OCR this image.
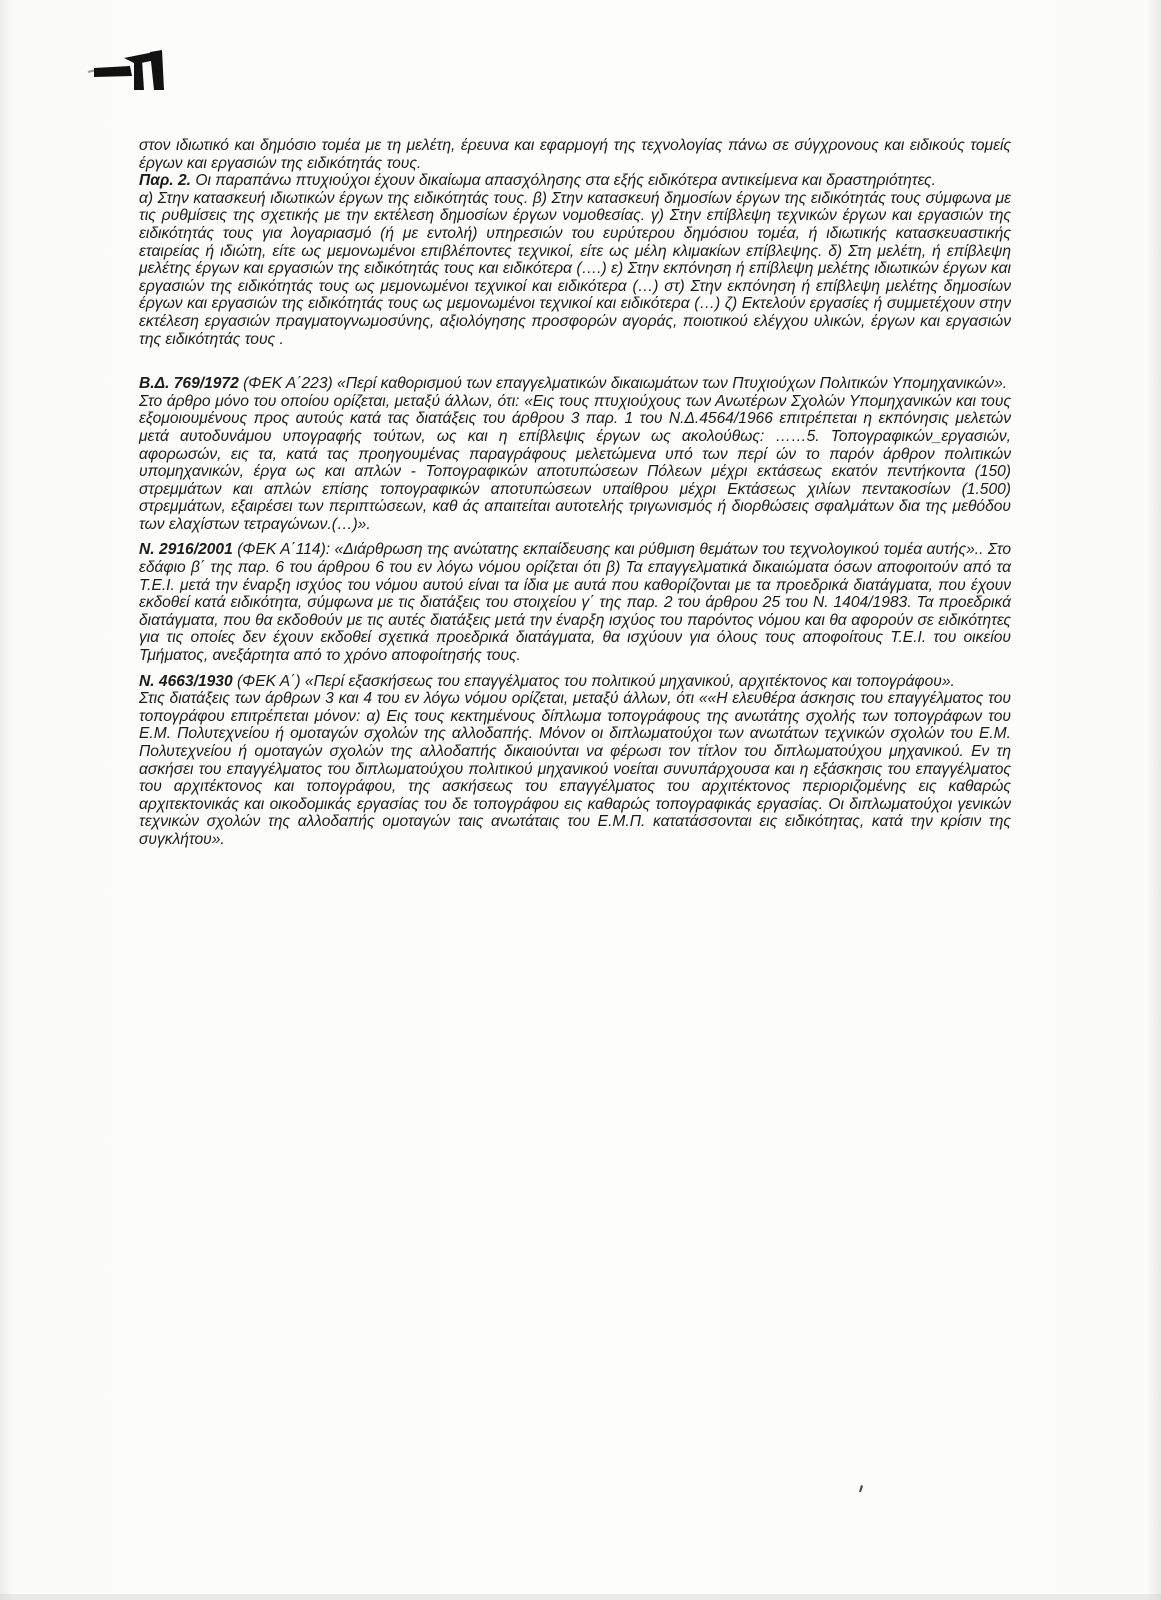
στον ιδιωτικό και δημόσιο τομέα με τη μελέτη, έρευνα και εφαρμογή της τεχνολογίας πάνω σε σύγχρονους και ειδικούς τομείς έργων και εργασιών της ειδικότητάς τους.

Παρ. 2. Οι παραπάνω πτυχιούχοι έχουν δικαίωμα απασχόλησης στα εξής ειδικότερα αντικείμενα και δραστηριότητες.

α) Στην κατασκευή ιδιωτικών έργων της ειδικότητάς τους. β) Στην κατασκευή δημοσίων έργων της ειδικότητάς τους σύμφωνα με τις ρυθμίσεις της σχετικής με την εκτέλεση δημοσίων έργων νομοθεσίας. γ) Στην επίβλεψη τεχνικών έργων και εργασιών της ειδικότητάς τους για λογαριασμό (ή με εντολή) υπηρεσιών του ευρύτερου δημόσιου τομέα, ή ιδιωτικής κατασκευαστικής εταιρείας ή ιδιώτη, είτε ως μεμονωμένοι επιβλέποντες τεχνικοί, είτε ως μέλη κλιμακίων επίβλεψης. δ) Στη μελέτη, ή επίβλεψη μελέτης έργων και εργασιών της ειδικότητάς τους και ειδικότερα (….) ε) Στην εκπόνηση ή επίβλεψη μελέτης ιδιωτικών έργων και εργασιών της ειδικότητάς τους ως μεμονωμένοι τεχνικοί και ειδικότερα (…) στ) Στην εκπόνηση ή επίβλεψη μελέτης δημοσίων έργων και εργασιών της ειδικότητάς τους ως μεμονωμένοι τεχνικοί και ειδικότερα (…) ζ) Εκτελούν εργασίες ή συμμετέχουν στην εκτέλεση εργασιών πραγματογνωμοσύνης, αξιολόγησης προσφορών αγοράς, ποιοτικού ελέγχου υλικών, έργων και εργασιών της ειδικότητάς τους .

Β.Δ. 769/1972 (ΦΕΚ Α΄223) «Περί καθορισμού των επαγγελματικών δικαιωμάτων των Πτυχιούχων Πολιτικών Υπομηχανικών».

Στο άρθρο μόνο του οποίου ορίζεται, μεταξύ άλλων, ότι: «Εις τους πτυχιούχους των Ανωτέρων Σχολών Υπομηχανικών και τους εξομοιουμένους προς αυτούς κατά τας διατάξεις του άρθρου 3 παρ. 1 του Ν.Δ.4564/1966 επιτρέπεται η εκπόνησις μελετών μετά αυτοδυνάμου υπογραφής τούτων, ως και η επίβλεψις έργων ως ακολούθως: ……5. Τοπογραφικών_εργασιών, αφορωσών, εις τα, κατά τας προηγουμένας παραγράφους μελετώμενα υπό των περί ών το παρόν άρθρον πολιτικών υπομηχανικών, έργα ως και απλών - Τοπογραφικών αποτυπώσεων Πόλεων μέχρι εκτάσεως εκατόν πεντήκοντα (150) στρεμμάτων και απλών επίσης τοπογραφικών αποτυπώσεων υπαίθρου μέχρι Εκτάσεως χιλίων πεντακοσίων (1.500) στρεμμάτων, εξαιρέσει των περιπτώσεων, καθ άς απαιτείται αυτοτελής τριγωνισμός ή διορθώσεις σφαλμάτων δια της μεθόδου των ελαχίστων τετραγώνων.(…)».

Ν. 2916/2001 (ΦΕΚ Α΄114): «Διάρθρωση της ανώτατης εκπαίδευσης και ρύθμιση θεμάτων του τεχνολογικού τομέα αυτής».. Στο εδάφιο β΄ της παρ. 6 του άρθρου 6 του εν λόγω νόμου ορίζεται ότι β) Τα επαγγελματικά δικαιώματα όσων αποφοιτούν από τα Τ.Ε.Ι. μετά την έναρξη ισχύος του νόμου αυτού είναι τα ίδια με αυτά που καθορίζονται με τα προεδρικά διατάγματα, που έχουν εκδοθεί κατά ειδικότητα, σύμφωνα με τις διατάξεις του στοιχείου γ΄ της παρ. 2 του άρθρου 25 του Ν. 1404/1983. Τα προεδρικά διατάγματα, που θα εκδοθούν με τις αυτές διατάξεις μετά την έναρξη ισχύος του παρόντος νόμου και θα αφορούν σε ειδικότητες για τις οποίες δεν έχουν εκδοθεί σχετικά προεδρικά διατάγματα, θα ισχύουν για όλους τους αποφοίτους Τ.Ε.Ι. του οικείου Τμήματος, ανεξάρτητα από το χρόνο αποφοίτησής τους.

Ν. 4663/1930 (ΦΕΚ Α΄) «Περί εξασκήσεως του επαγγέλματος του πολιτικού μηχανικού, αρχιτέκτονος και τοπογράφου».

Στις διατάξεις των άρθρων 3 και 4 του εν λόγω νόμου ορίζεται, μεταξύ άλλων, ότι ««Η ελευθέρα άσκησις του επαγγέλματος του τοπογράφου επιτρέπεται μόνον: α) Εις τους κεκτημένους δίπλωμα τοπογράφους της ανωτάτης σχολής των τοπογράφων του Ε.Μ. Πολυτεχνείου ή ομοταγών σχολών της αλλοδαπής. Μόνον οι διπλωματούχοι των ανωτάτων τεχνικών σχολών του Ε.Μ. Πολυτεχνείου ή ομοταγών σχολών της αλλοδαπής δικαιούνται να φέρωσι τον τίτλον του διπλωματούχου μηχανικού. Εν τη ασκήσει του επαγγέλματος του διπλωματούχου πολιτικού μηχανικού νοείται συνυπάρχουσα και η εξάσκησις του επαγγέλματος του αρχιτέκτονος και τοπογράφου, της ασκήσεως του επαγγέλματος του αρχιτέκτονος περιοριζομένης εις καθαρώς αρχιτεκτονικάς και οικοδομικάς εργασίας του δε τοπογράφου εις καθαρώς τοπογραφικάς εργασίας. Οι διπλωματούχοι γενικών τεχνικών σχολών της αλλοδαπής ομοταγών ταις ανωτάταις του Ε.Μ.Π. κατατάσσονται εις ειδικότητας, κατά την κρίσιν της συγκλήτου».
